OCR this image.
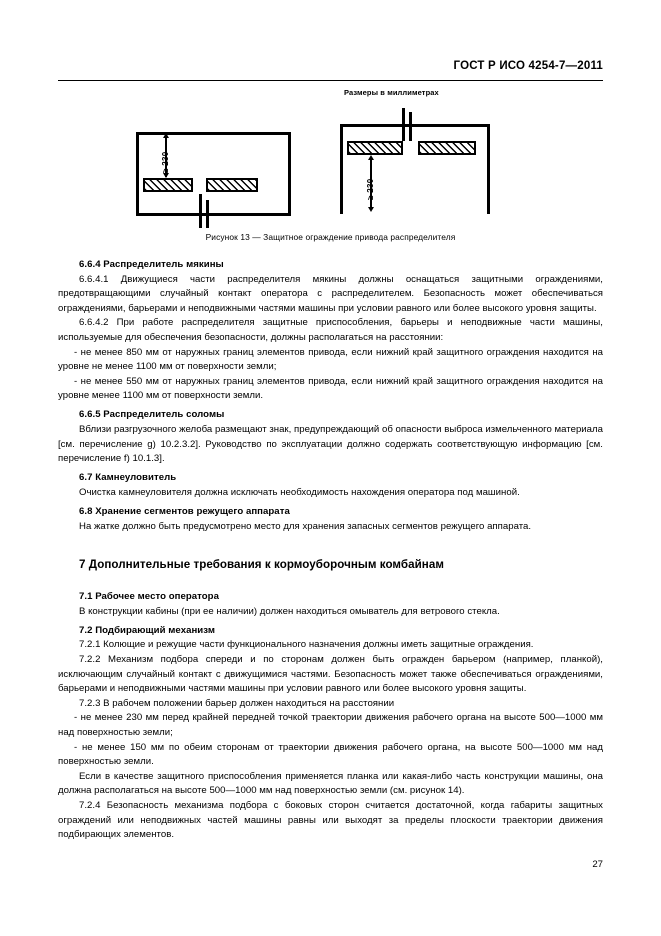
ГОСТ Р ИСО 4254-7—2011
Размеры в миллиметрах
≥ 230
≥ 230
Рисунок 13 — Защитное ограждение привода распределителя
6.6.4 Распределитель мякины

6.6.4.1 Движущиеся части распределителя мякины должны оснащаться защитными ограждениями, предотвращающими случайный контакт оператора с распределителем. Безопасность может обеспечиваться ограждениями, барьерами и неподвижными частями машины при условии равного или более высокого уровня защиты.

6.6.4.2 При работе распределителя защитные приспособления, барьеры и неподвижные части машины, используемые для обеспечения безопасности, должны располагаться на расстоянии:

- не менее 850 мм от наружных границ элементов привода, если нижний край защитного ограждения находится на уровне не менее 1100 мм от поверхности земли;

- не менее 550 мм от наружных границ элементов привода, если нижний край защитного ограждения находится на уровне менее 1100 мм от поверхности земли.

6.6.5 Распределитель соломы

Вблизи разгрузочного желоба размещают знак, предупреждающий об опасности выброса измельченного материала [см. перечисление g) 10.2.3.2]. Руководство по эксплуатации должно содержать соответствующую информацию [см. перечисление f) 10.1.3].

6.7 Камнеуловитель

Очистка камнеуловителя должна исключать необходимость нахождения оператора под машиной.

6.8 Хранение сегментов режущего аппарата

На жатке должно быть предусмотрено место для хранения запасных сегментов режущего аппарата.

7 Дополнительные требования к кормоуборочным комбайнам
7.1 Рабочее место оператора

В конструкции кабины (при ее наличии) должен находиться омыватель для ветрового стекла.

7.2 Подбирающий механизм

7.2.1 Колющие и режущие части функционального назначения должны иметь защитные ограждения.

7.2.2 Механизм подбора спереди и по сторонам должен быть огражден барьером (например, планкой), исключающим случайный контакт с движущимися частями. Безопасность может также обеспечиваться ограждениями, барьерами и неподвижными частями машины при условии равного или более высокого уровня защиты.

7.2.3 В рабочем положении барьер должен находиться на расстоянии

- не менее 230 мм перед крайней передней точкой траектории движения рабочего органа на высоте 500—1000 мм над поверхностью земли;

- не менее 150 мм по обеим сторонам от траектории движения рабочего органа, на высоте 500—1000 мм над поверхностью земли.

Если в качестве защитного приспособления применяется планка или какая-либо часть конструкции машины, она должна располагаться на высоте 500—1000 мм над поверхностью земли (см. рисунок 14).

7.2.4 Безопасность механизма подбора с боковых сторон считается достаточной, когда габариты защитных ограждений или неподвижных частей машины равны или выходят за пределы плоскости траектории движения подбирающих элементов.

27
